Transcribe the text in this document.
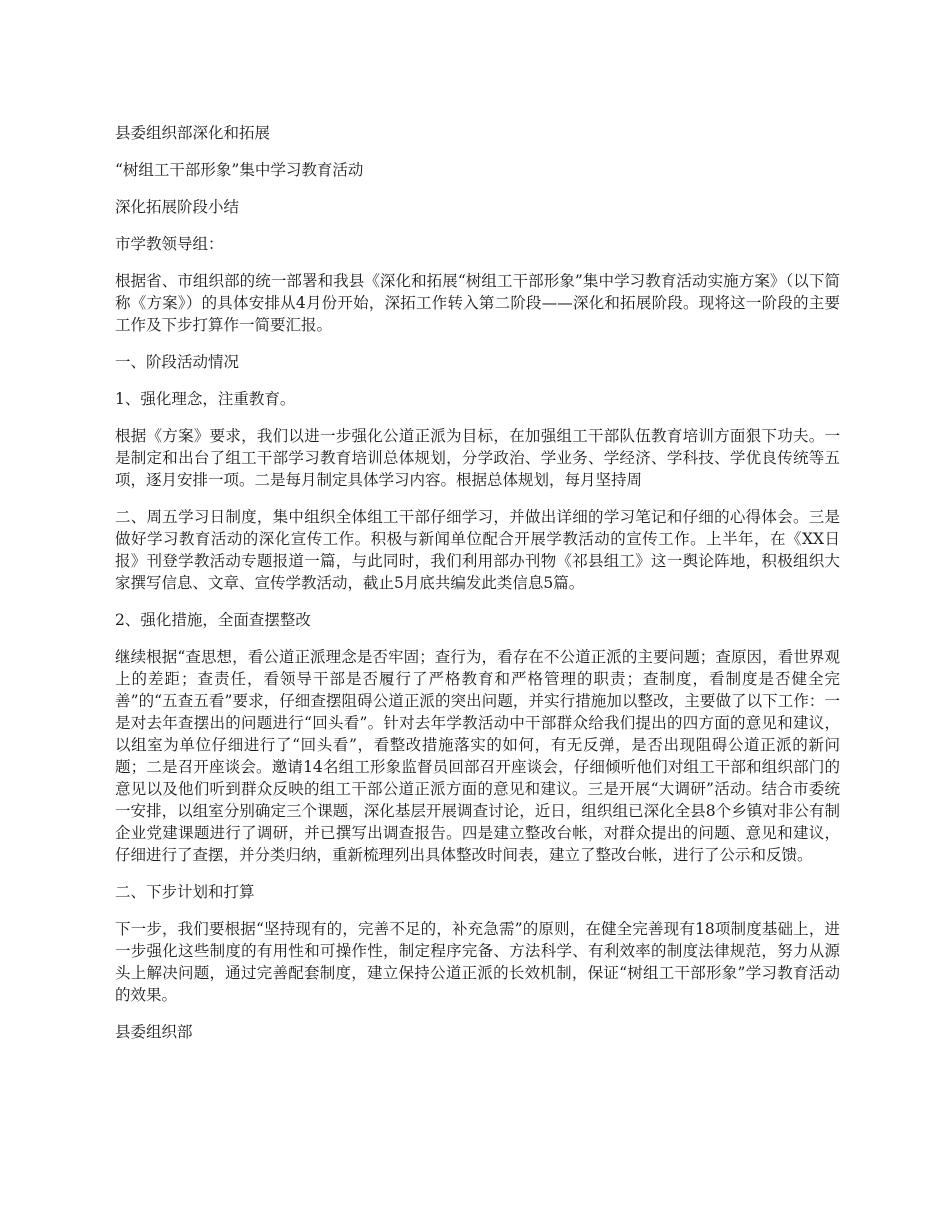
县委组织部深化和拓展

“树组工干部形象”集中学习教育活动

深化拓展阶段小结

市学教领导组：

根据省、市组织部的统一部署和我县《深化和拓展“树组工干部形象”集中学习教育活动实施方案》（以下简称《方案》）的具体安排从4月份开始，深拓工作转入第二阶段——深化和拓展阶段。现将这一阶段的主要工作及下步打算作一简要汇报。

一、阶段活动情况

1、强化理念，注重教育。

根据《方案》要求，我们以进一步强化公道正派为目标，在加强组工干部队伍教育培训方面狠下功夫。一是制定和出台了组工干部学习教育培训总体规划，分学政治、学业务、学经济、学科技、学优良传统等五项，逐月安排一项。二是每月制定具体学习内容。根据总体规划，每月坚持周

二、周五学习日制度，集中组织全体组工干部仔细学习，并做出详细的学习笔记和仔细的心得体会。三是做好学习教育活动的深化宣传工作。积极与新闻单位配合开展学教活动的宣传工作。上半年，在《XX日报》刊登学教活动专题报道一篇，与此同时，我们利用部办刊物《祁县组工》这一舆论阵地，积极组织大家撰写信息、文章、宣传学教活动，截止5月底共编发此类信息5篇。

2、强化措施，全面查摆整改

继续根据“查思想，看公道正派理念是否牢固；查行为，看存在不公道正派的主要问题；查原因，看世界观上的差距；查责任，看领导干部是否履行了严格教育和严格管理的职责；查制度，看制度是否健全完善”的“五查五看”要求，仔细查摆阻碍公道正派的突出问题，并实行措施加以整改，主要做了以下工作：一是对去年查摆出的问题进行“回头看”。针对去年学教活动中干部群众给我们提出的四方面的意见和建议，以组室为单位仔细进行了“回头看”，看整改措施落实的如何，有无反弹，是否出现阻碍公道正派的新问题；二是召开座谈会。邀请14名组工形象监督员回部召开座谈会，仔细倾听他们对组工干部和组织部门的意见以及他们听到群众反映的组工干部公道正派方面的意见和建议。三是开展“大调研”活动。结合市委统一安排，以组室分别确定三个课题，深化基层开展调查讨论，近日，组织组已深化全县8个乡镇对非公有制企业党建课题进行了调研，并已撰写出调查报告。四是建立整改台帐，对群众提出的问题、意见和建议，仔细进行了查摆，并分类归纳，重新梳理列出具体整改时间表，建立了整改台帐，进行了公示和反馈。

二、下步计划和打算

下一步，我们要根据“坚持现有的，完善不足的，补充急需”的原则，在健全完善现有18项制度基础上，进一步强化这些制度的有用性和可操作性，制定程序完备、方法科学、有利效率的制度法律规范，努力从源头上解决问题，通过完善配套制度，建立保持公道正派的长效机制，保证“树组工干部形象”学习教育活动的效果。

县委组织部
